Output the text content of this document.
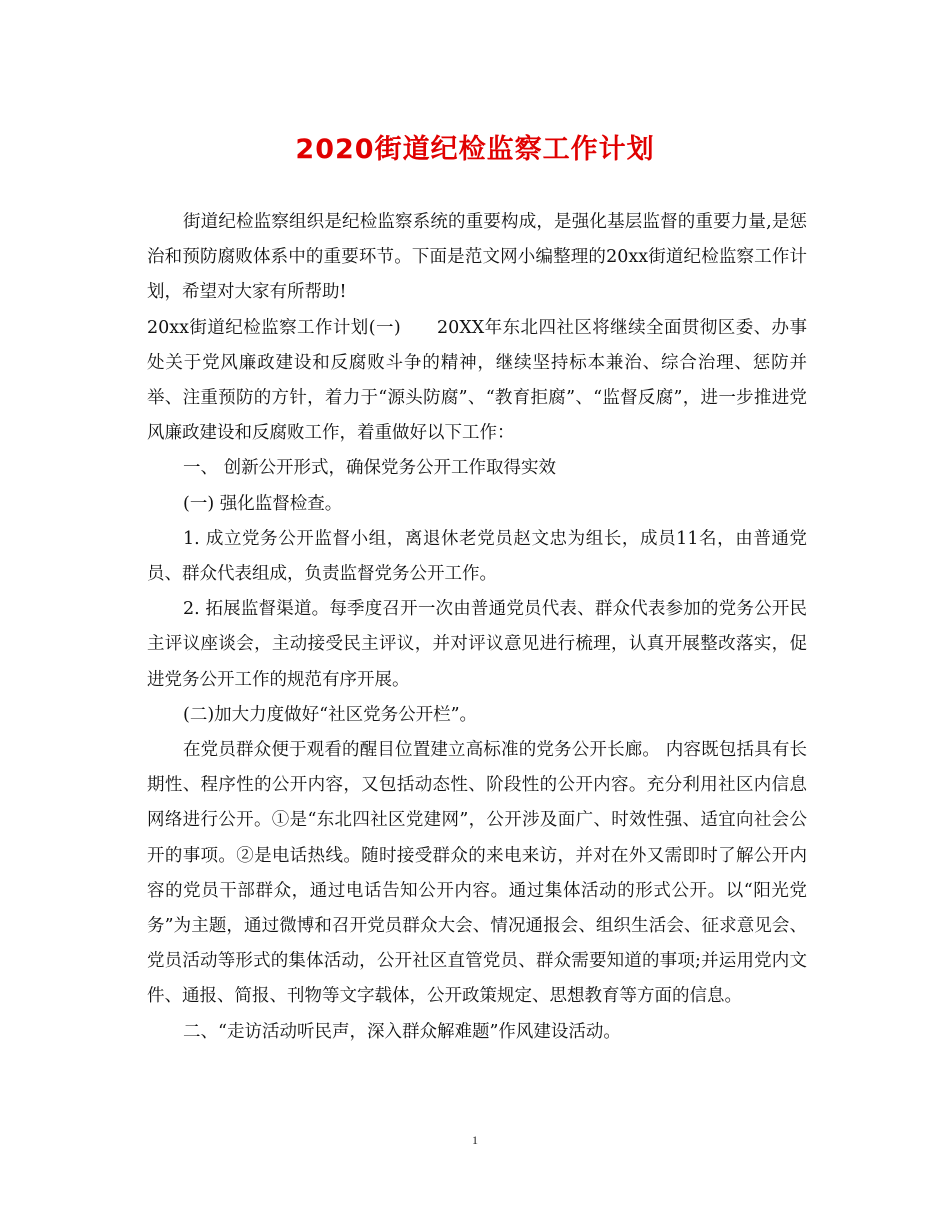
2020街道纪检监察工作计划

街道纪检监察组织是纪检监察系统的重要构成，是强化基层监督的重要力量,是惩治和预防腐败体系中的重要环节。下面是范文网小编整理的20xx街道纪检监察工作计划，希望对大家有所帮助!

20xx街道纪检监察工作计划(一)　　20XX年东北四社区将继续全面贯彻区委、办事处关于党风廉政建设和反腐败斗争的精神，继续坚持标本兼治、综合治理、惩防并举、注重预防的方针，着力于“源头防腐”、“教育拒腐”、“监督反腐”，进一步推进党风廉政建设和反腐败工作，着重做好以下工作：

一、 创新公开形式，确保党务公开工作取得实效

(一) 强化监督检查。

1. 成立党务公开监督小组，离退休老党员赵文忠为组长，成员11名，由普通党员、群众代表组成，负责监督党务公开工作。

2. 拓展监督渠道。每季度召开一次由普通党员代表、群众代表参加的党务公开民主评议座谈会，主动接受民主评议，并对评议意见进行梳理，认真开展整改落实，促进党务公开工作的规范有序开展。

(二)加大力度做好“社区党务公开栏”。

在党员群众便于观看的醒目位置建立高标准的党务公开长廊。 内容既包括具有长期性、程序性的公开内容，又包括动态性、阶段性的公开内容。充分利用社区内信息网络进行公开。①是“东北四社区党建网”，公开涉及面广、时效性强、适宜向社会公开的事项。②是电话热线。随时接受群众的来电来访，并对在外又需即时了解公开内容的党员干部群众，通过电话告知公开内容。通过集体活动的形式公开。以“阳光党务”为主题，通过微博和召开党员群众大会、情况通报会、组织生活会、征求意见会、党员活动等形式的集体活动，公开社区直管党员、群众需要知道的事项;并运用党内文件、通报、简报、刊物等文字载体，公开政策规定、思想教育等方面的信息。

二、“走访活动听民声，深入群众解难题”作风建设活动。

1
